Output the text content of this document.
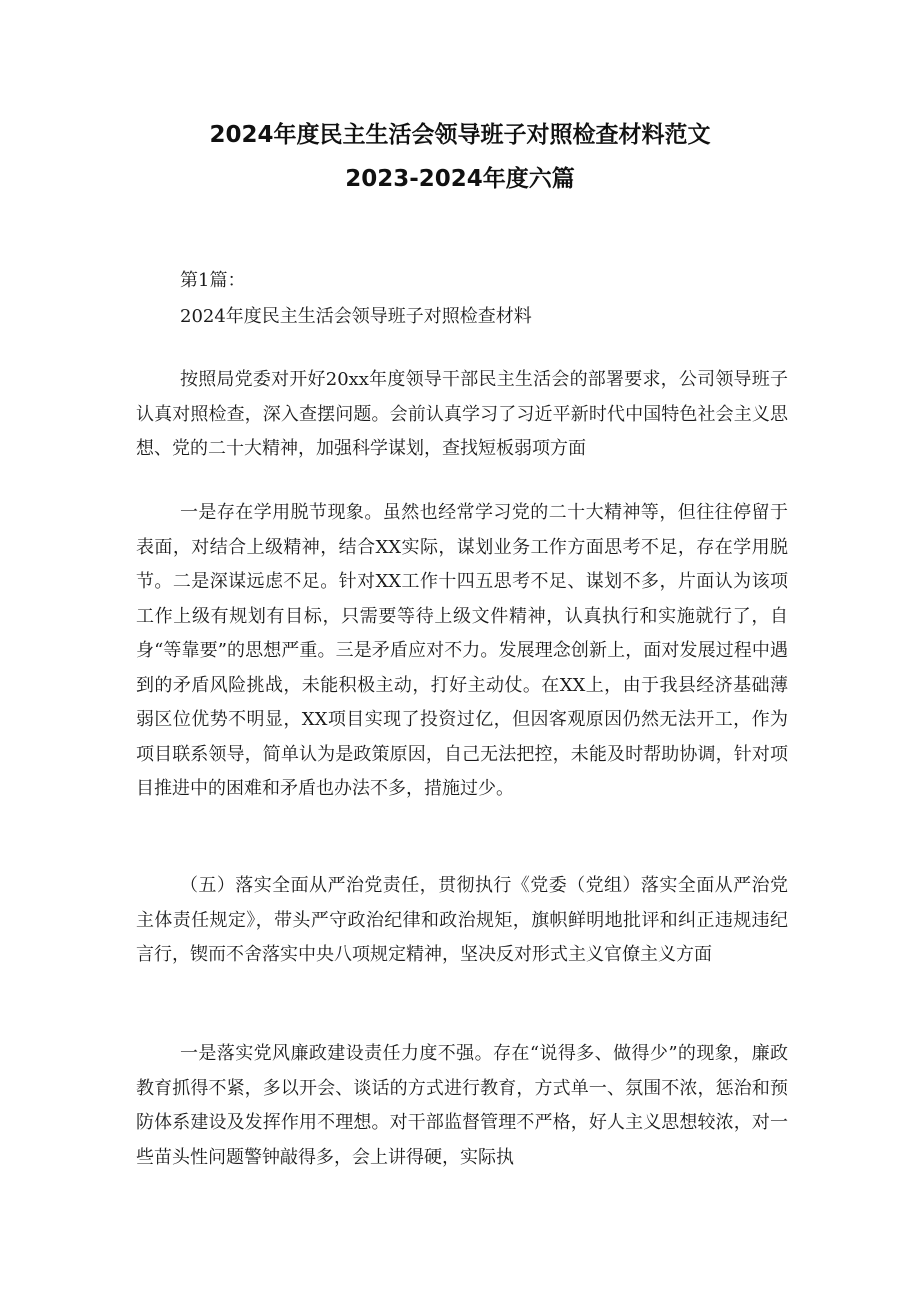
2024年度民主生活会领导班子对照检查材料范文
2023-2024年度六篇

第1篇：

2024年度民主生活会领导班子对照检查材料

按照局党委对开好20xx年度领导干部民主生活会的部署要求，公司领导班子认真对照检查，深入查摆问题。会前认真学习了习近平新时代中国特色社会主义思想、党的二十大精神，加强科学谋划，查找短板弱项方面

一是存在学用脱节现象。虽然也经常学习党的二十大精神等，但往往停留于表面，对结合上级精神，结合XX实际，谋划业务工作方面思考不足，存在学用脱节。二是深谋远虑不足。针对XX工作十四五思考不足、谋划不多，片面认为该项工作上级有规划有目标，只需要等待上级文件精神，认真执行和实施就行了，自身“等靠要”的思想严重。三是矛盾应对不力。发展理念创新上，面对发展过程中遇到的矛盾风险挑战，未能积极主动，打好主动仗。在XX上，由于我县经济基础薄弱区位优势不明显，XX项目实现了投资过亿，但因客观原因仍然无法开工，作为项目联系领导，简单认为是政策原因，自己无法把控，未能及时帮助协调，针对项目推进中的困难和矛盾也办法不多，措施过少。

（五）落实全面从严治党责任，贯彻执行《党委（党组）落实全面从严治党主体责任规定》，带头严守政治纪律和政治规矩，旗帜鲜明地批评和纠正违规违纪言行，锲而不舍落实中央八项规定精神，坚决反对形式主义官僚主义方面

一是落实党风廉政建设责任力度不强。存在“说得多、做得少”的现象，廉政教育抓得不紧，多以开会、谈话的方式进行教育，方式单一、氛围不浓，惩治和预防体系建设及发挥作用不理想。对干部监督管理不严格，好人主义思想较浓，对一些苗头性问题警钟敲得多，会上讲得硬，实际执
